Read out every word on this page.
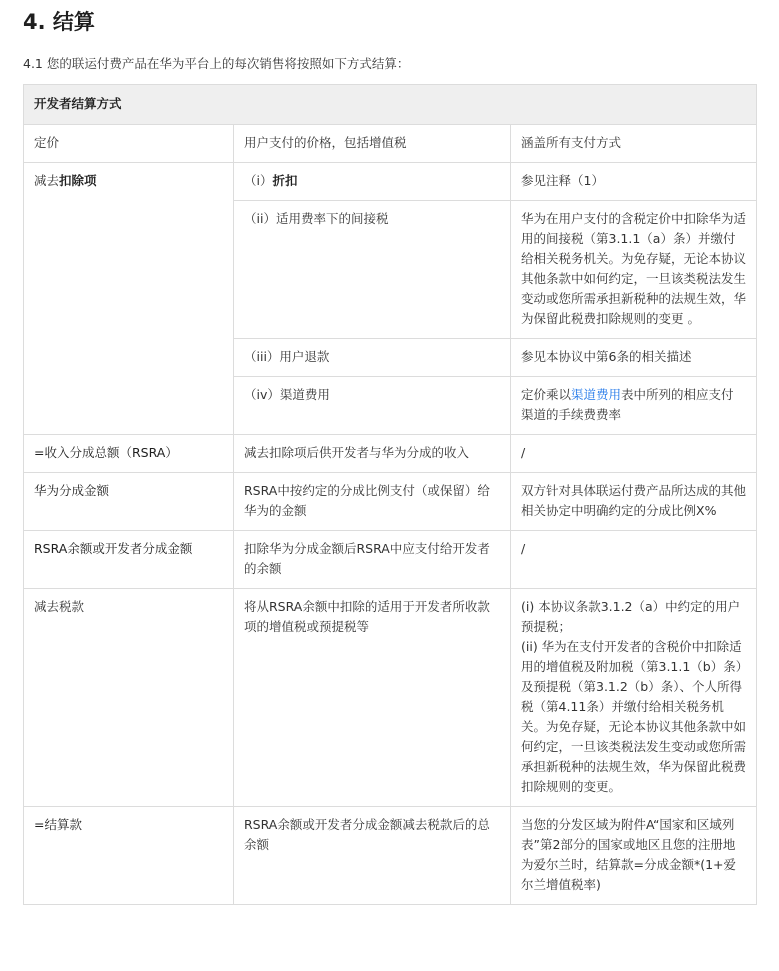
4. 结算

4.1 您的联运付费产品在华为平台上的每次销售将按照如下方式结算：

开发者结算方式		
定价	用户支付的价格，包括增值税	涵盖所有支付方式
减去扣除项	（i）折扣	参见注释（1）
	（ii）适用费率下的间接税	华为在用户支付的含税定价中扣除华为适用的间接税（第3.1.1（a）条）并缴付给相关税务机关。为免存疑，无论本协议其他条款中如何约定，一旦该类税法发生变动或您所需承担新税种的法规生效，华为保留此税费扣除规则的变更 。
	（iii）用户退款	参见本协议中第6条的相关描述
	（iv）渠道费用	定价乘以渠道费用表中所列的相应支付渠道的手续费费率
=收入分成总额（RSRA）	减去扣除项后供开发者与华为分成的收入	/
华为分成金额	RSRA中按约定的分成比例支付（或保留）给华为的金额	双方针对具体联运付费产品所达成的其他相关协定中明确约定的分成比例X%
RSRA余额或开发者分成金额	扣除华为分成金额后RSRA中应支付给开发者的余额	/
减去税款	将从RSRA余额中扣除的适用于开发者所收款项的增值税或预提税等	(i) 本协议条款3.1.2（a）中约定的用户预提税；
(ii) 华为在支付开发者的含税价中扣除适用的增值税及附加税（第3.1.1（b）条）及预提税（第3.1.2（b）条）、个人所得税（第4.11条）并缴付给相关税务机关。为免存疑，无论本协议其他条款中如何约定，一旦该类税法发生变动或您所需承担新税种的法规生效，华为保留此税费扣除规则的变更。

=结算款	RSRA余额或开发者分成金额减去税款后的总余额	当您的分发区域为附件A“国家和区域列表”第2部分的国家或地区且您的注册地为爱尔兰时，结算款=分成金额*(1+爱尔兰增值税率)
